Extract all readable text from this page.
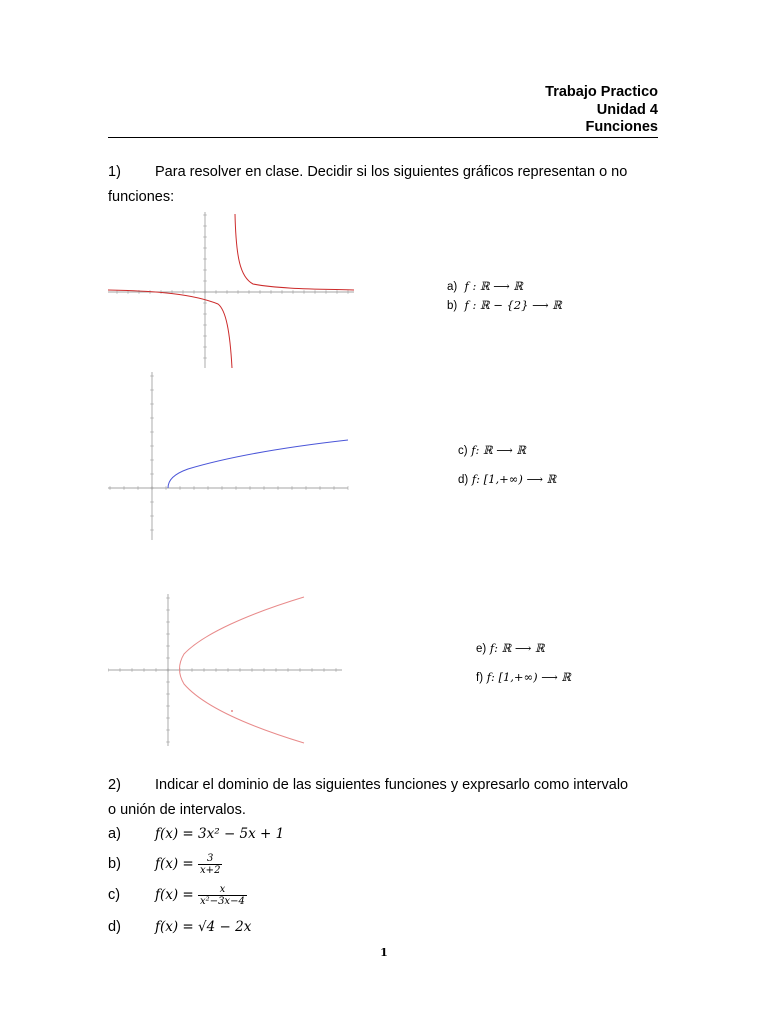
Trabajo Practico
Unidad 4
Funciones
1) Para resolver en clase. Decidir si los siguientes gráficos representan o no
funciones:
a) f : ℝ ⟶ ℝ
b) f : ℝ − {2} ⟶ ℝ
c) f: ℝ ⟶ ℝ
d) f: [1,+∞) ⟶ ℝ
e) f: ℝ ⟶ ℝ
f) f: [1,+∞) ⟶ ℝ
2) Indicar el dominio de las siguientes funciones y expresarlo como intervalo
o unión de intervalos.
a)	f(x) = 3x² − 5x + 1
b)	$f(x) = \frac{3}{x+2}$
c)	$f(x) = \frac{x}{\text{x²−3x−4}}$
d)	f(x) = √4 − 2x
1
